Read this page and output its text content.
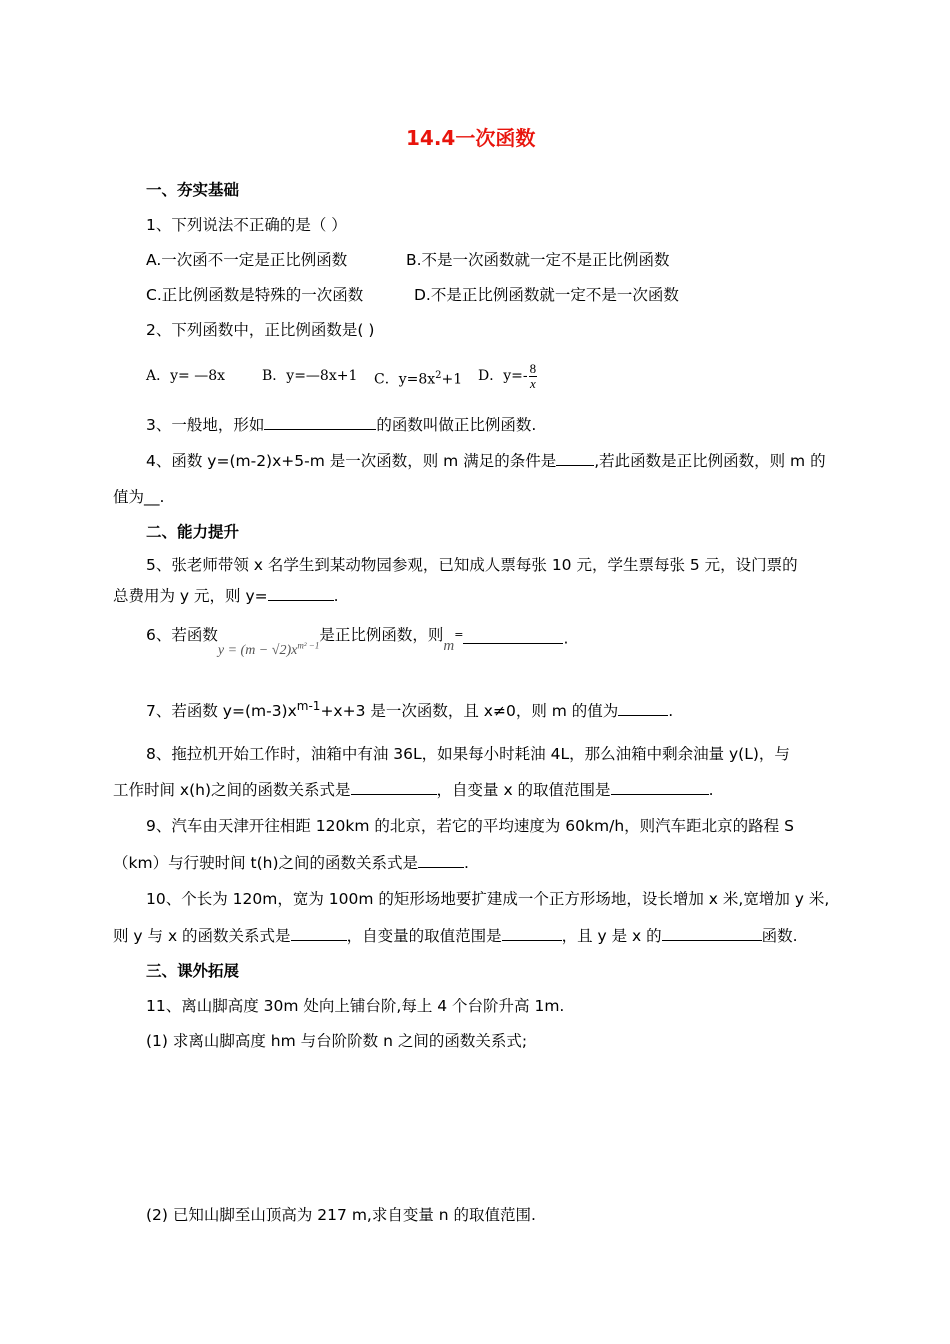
14.4一次函数
一、夯实基础
1、下列说法不正确的是（ ）
A.一次函不一定是正比例函数	B.不是一次函数就一定不是正比例函数
C.正比例函数是特殊的一次函数	D.不是正比例函数就一定不是一次函数
2、下列函数中，正比例函数是( )
A．y= —8x	B．y=—8x+1 C．$y=8x^2+1$ D．$y=- \frac{8}{x}$
3、一般地，形如	的函数叫做正比例函数.
4、函数 y=(m-2)x+5-m 是一次函数，则 m 满足的条件是 ,若此函数是正比例函数，则 m 的
值为__.
二、能力提升
5、张老师带领 x 名学生到某动物园参观，已知成人票每张 10 元，学生票每张 5 元，设门票的
总费用为 y 元，则 y=	.
6、若函数$y = (m - √2)x^{m^2 -1}$是正比例函数，则m=	.
7、若函数 $y=(m-3)x^{m-1}+x+3$ 是一次函数，且 x≠0，则 m 的值为	.
8、拖拉机开始工作时，油箱中有油 36L，如果每小时耗油 4L，那么油箱中剩余油量 y(L)，与
工作时间 x(h)之间的函数关系式是	，自变量 x 的取值范围是	.
9、汽车由天津开往相距 120km 的北京，若它的平均速度为 60km/h，则汽车距北京的路程 S
（km）与行驶时间 t(h)之间的函数关系式是	.
10、个长为 120m，宽为 100m 的矩形场地要扩建成一个正方形场地，设长增加 x 米,宽增加 y 米,
则 y 与 x 的函数关系式是	，自变量的取值范围是	，且 y 是 x 的	函数.
三、课外拓展
11、离山脚高度 30m 处向上铺台阶,每上 4 个台阶升高 1m.
(1) 求离山脚高度 hm 与台阶阶数 n 之间的函数关系式;
(2) 已知山脚至山顶高为 217 m,求自变量 n 的取值范围.
